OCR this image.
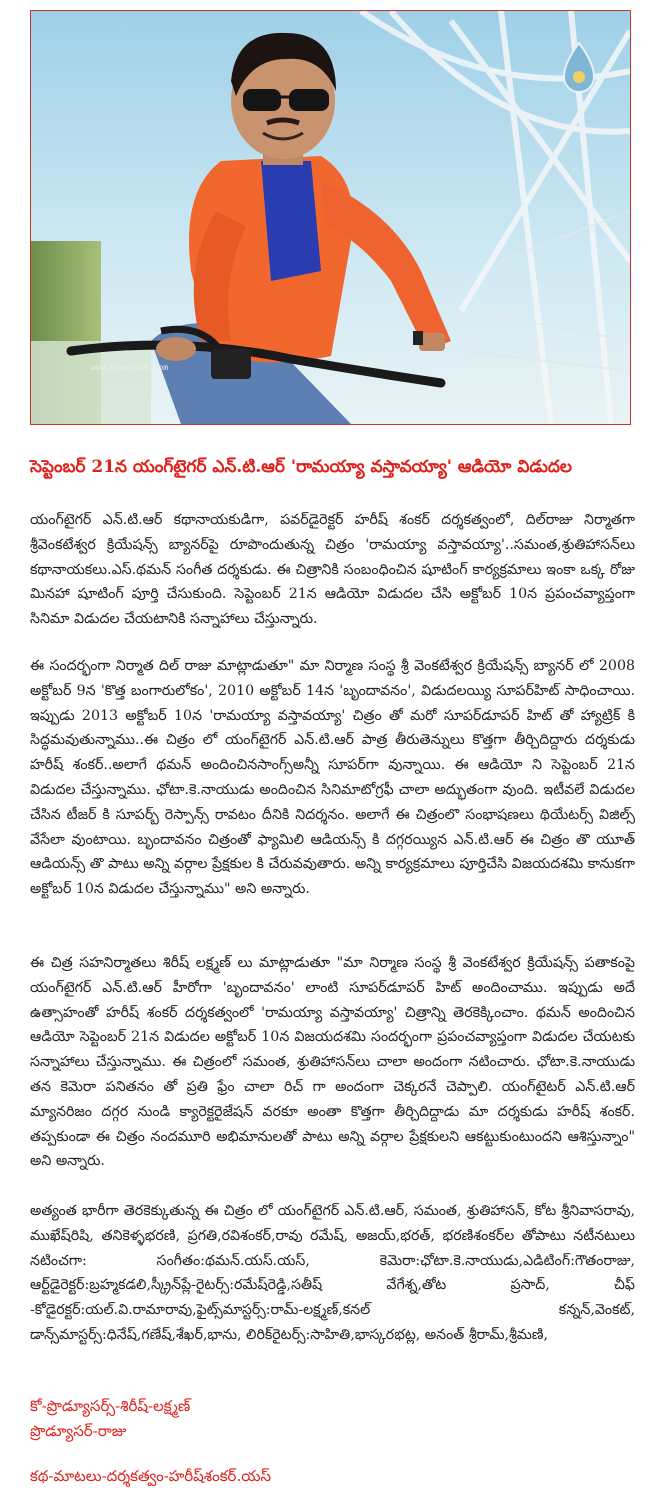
www.cinejosh.com
సెప్టెంబర్ 21న యంగ్‌టైగర్ ఎన్.టి.ఆర్ 'రామయ్యా వస్తావయ్యా' ఆడియో విడుదల
యంగ్‌టైగర్ ఎన్.టి.ఆర్ కథానాయకుడిగా, పవర్‌డైరెక్టర్ హరీష్ శంకర్ దర్శకత్వంలో, దిల్‌రాజు నిర్మాతగా శ్రీవెంకటేశ్వర క్రియేషన్స్ బ్యానర్‌పై రూపొందుతున్న చిత్రం 'రామయ్యా వస్తావయ్యా'..సమంత,శ్రుతిహాసన్‌లు కథానాయకలు.ఎస్.థమన్ సంగీత దర్శకుడు. ఈ చిత్రానికి సంబంధించిన షూటింగ్ కార్యక్రమాలు ఇంకా ఒక్క రోజు మినహా షూటింగ్ పూర్తి చేసుకుంది. సెప్టెంబర్ 21న ఆడియో విడుదల చేసి అక్టోబర్ 10న ప్రపంచవ్యాప్తంగా సినిమా విడుదల చేయటానికి సన్నాహాలు చేస్తున్నారు.
ఈ సందర్భంగా నిర్మాత దిల్ రాజు మాట్లాడుతూ" మా నిర్మాణ సంస్థ శ్రీ వెంకటేశ్వర క్రియేషన్స్ బ్యానర్ లో 2008 అక్టోబర్ 9న 'కొత్త బంగారులోకం', 2010 అక్టోబర్ 14న 'బృందావనం', విడుదలయ్యి సూపర్‌హిట్ సాధించాయి. ఇప్పుడు 2013 అక్టోబర్ 10న 'రామయ్యా వస్తావయ్యా' చిత్రం తో మరో సూపర్‌డూపర్ హిట్ తో హ్యాట్రిక్ కి సిద్ధమవుతున్నాము..ఈ చిత్రం లో యంగ్‌టైగర్ ఎన్.టి.ఆర్ పాత్ర తీరుతెన్నులు కొత్తగా తీర్చిదిద్దారు దర్శకుడు హరీష్ శంకర్..అలాగే థమన్ అందించినసాంగ్స్‌అన్నీ సూపర్‌గా వున్నాయి. ఈ ఆడియో ని సెప్టెంబర్ 21న విడుదల చేస్తున్నాము. ఛోటా.కె.నాయుడు అందించిన సినిమాటోగ్రఫీ చాలా అద్భుతంగా వుంది. ఇటీవలే విడుదల చేసిన టీజర్ కి సూపర్బ్ రెస్పాన్స్ రావటం దీనికి నిదర్శనం. అలాగే ఈ చిత్రంలొ సంభాషణలు థియేటర్స్ విజిల్స్ వేసేలా వుంటాయి. బృందావనం చిత్రంతో ఫ్యామిలి ఆడియన్స్ కి దగ్గరయ్యిన ఎన్.టి.ఆర్ ఈ చిత్రం తొ యూత్ ఆడియన్స్ తొ పాటు అన్ని వర్గాల ప్రేక్షకుల కి చేరువవుతారు. అన్ని కార్యక్రమాలు పూర్తిచేసి విజయదశమి కానుకగా అక్టోబర్ 10న విడుదల చేస్తున్నాము" అని అన్నారు.
ఈ చిత్ర సహనిర్మాతలు శిరీష్ లక్ష్మణ్ లు మాట్లాడుతూ "మా నిర్మాణ సంస్థ శ్రీ వెంకటేశ్వర క్రియేషన్స్ పతాకంపై యంగ్‌టైగర్ ఎన్.టి.ఆర్ హీరోగా 'బృందావనం' లాంటి సూపర్‌డూపర్ హిట్ అందించాము. ఇప్పుడు అదే ఉత్సాహంతో హరీష్ శంకర్ దర్శకత్వంలో 'రామయ్యా వస్తావయ్యా' చిత్రాన్ని తెరకెక్కించాం. థమన్ అందించిన ఆడియో సెప్టెంబర్ 21న విడుదల అక్టోబర్ 10న విజయదశమి సందర్భంగా ప్రపంచవ్యాప్తంగా విడుదల చేయటకు సన్నాహాలు చేస్తున్నాము. ఈ చిత్రంలో సమంత, శ్రుతిహాసన్‌లు చాలా అందంగా నటించారు. ఛోటా.కె.నాయుడు తన కెమెరా పనితనం తో ప్రతి ఫ్రేం చాలా రిచ్ గా అందంగా చెక్కరనే చెప్పాలి. యంగ్‌టైటర్ ఎన్.టి.ఆర్ మ్యానరిజం దగ్గర నుండి క్యారెక్టరైజేషన్ వరకూ అంతా కొత్తగా తీర్చిదిద్దాడు మా దర్శకుడు హరీష్ శంకర్. తప్పకుండా ఈ చిత్రం నందమూరి అభిమానులతో పాటు అన్ని వర్గాల ప్రేక్షకులని ఆకట్టుకుంటుందని ఆశిస్తున్నాం" అని అన్నారు.
అత్యంత భారీగా తెరకెక్కుతున్న ఈ చిత్రం లో యంగ్‌టైగర్ ఎన్.టి.ఆర్, సమంత, శ్రుతిహాసన్, కోట శ్రీనివాసరావు, ముఖేష్‌రిషి, తనికెళ్ళభరణి, ప్రగతి,రవిశంకర్,రావు రమేష్, అజయ్,భరత్, భరణిశంకర్‌ల తోపాటు నటీనటులు నటించగా: సంగీతం:థమన్.యస్.యస్, కెమెరా:ఛోటా.కె.నాయుడు,ఎడిటింగ్:గౌతంరాజు, ఆర్ట్‌డైరెక్టర్:బ్రహ్మకడలి,స్క్రీన్‌ప్లే-రైటర్స్:రమేష్‌రెడ్డి,సతీష్ వేగేశ్న,తోట ప్రసాద్, చీఫ్ -కోడైరక్టర్:యల్.వి.రామారావు,ఫైట్స్‌మాస్టర్స్:రామ్-లక్ష్మణ్,కనల్ కన్నన్,వెంకట్, డాన్స్‌మాస్టర్స్:ధినేష్,గణేష్,శేఖర్,భాను, లిరిక్‌రైటర్స్:సాహితి,భాస్కరభట్ల, అనంత్ శ్రీరామ్,శ్రీమణి,
కో-ప్రొడ్యూసర్స్-శిరీష్-లక్ష్మణ్
ప్రొడ్యూసర్-రాజు
కథ-మాటలు-దర్శకత్వం-హరీష్‌శంకర్.యస్
